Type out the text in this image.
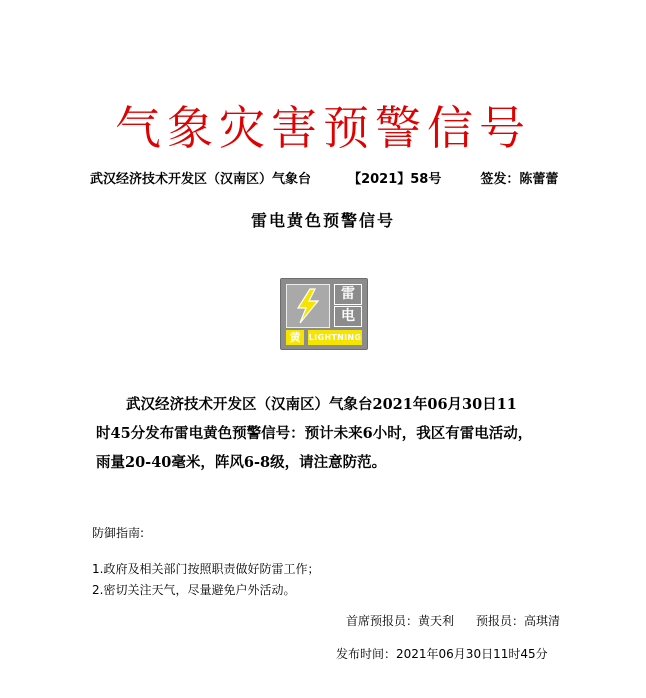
气象灾害预警信号
武汉经济技术开发区（汉南区）气象台	【2021】58号	签发：陈蕾蕾
雷电黄色预警信号
雷
电
黄	LIGHTNING
武汉经济技术开发区（汉南区）气象台2021年06月30日11
时45分发布雷电黄色预警信号：预计未来6小时，我区有雷电活动，
雨量20-40毫米，阵风6-8级，请注意防范。
防御指南:
1.政府及相关部门按照职责做好防雷工作；
2.密切关注天气，尽量避免户外活动。
首席预报员：黄天利 预报员：高琪清
发布时间：2021年06月30日11时45分
